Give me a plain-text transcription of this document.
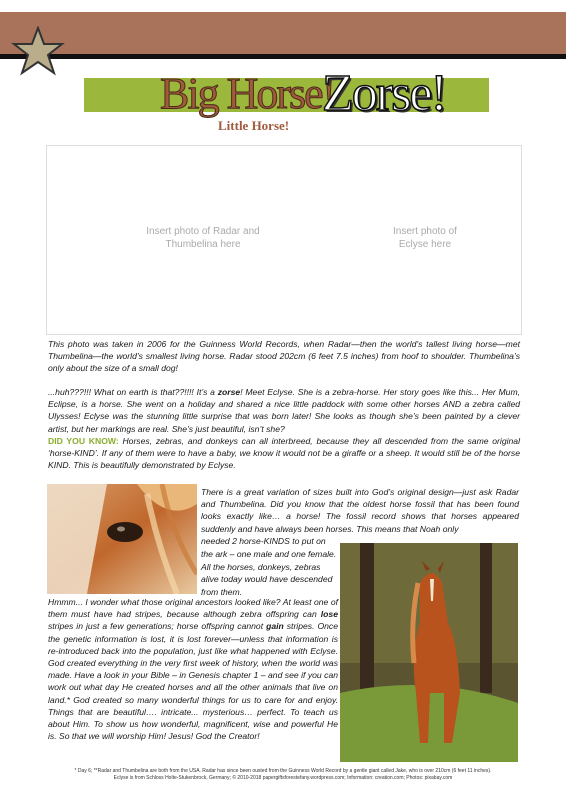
Big Horse!
Zorse!
Little Horse!
Insert photo of Radar and Thumbelina here
Insert photo of Eclyse here
This photo was taken in 2006 for the Guinness World Records, when Radar—then the world’s tallest living horse—met Thumbelina—the world’s smallest living horse. Radar stood 202cm (6 feet 7.5 inches) from hoof to shoulder. Thumbelina’s only about the size of a small dog!
...huh???!!! What on earth is that??!!!! It’s a zorse! Meet Eclyse. She is a zebra-horse. Her story goes like this... Her Mum, Eclipse, is a horse. She went on a holiday and shared a nice little paddock with some other horses AND a zebra called Ulysses! Eclyse was the stunning little surprise that was born later! She looks as though she’s been painted by a clever artist, but her markings are real. She’s just beautiful, isn’t she?
DID YOU KNOW: Horses, zebras, and donkeys can all interbreed, because they all descended from the same original ‘horse-KIND’. If any of them were to have a baby, we know it would not be a giraffe or a sheep. It would still be of the horse KIND. This is beautifully demonstrated by Eclyse.
There is a great variation of sizes built into God’s original design—just ask Radar and Thumbelina. Did you know that the oldest horse fossil that has been found looks exactly like… a horse! The fossil record shows that horses appeared suddenly and have always been horses. This means that Noah only
needed 2 horse-KINDS to put on the ark – one male and one female. All the horses, donkeys, zebras alive today would have descended from them.
Hmmm... I wonder what those original ancestors looked like? At least one of them must have had stripes, because although zebra offspring can lose stripes in just a few generations; horse offspring cannot gain stripes. Once the genetic information is lost, it is lost forever—unless that information is re-introduced back into the population, just like what happened with Eclyse. God created everything in the very first week of history, when the world was made. Have a look in your Bible – in Genesis chapter 1 – and see if you can work out what day He created horses and all the other animals that live on land.* God created so many wonderful things for us to care for and enjoy. Things that are beautiful…. intricate... mysterious… perfect. To teach us about Him. To show us how wonderful, magnificent, wise and powerful He is. So that we will worship Him! Jesus! God the Creator!
* Day 6; **Radar and Thumbelina are both from the USA. Radar has since been ousted from the Guinness World Record by a gentle giant called Jake, who is over 210cm (6 feet 11 inches).
Eclyse is from Schloss Holte-Stukenbrock, Germany; © 2010-2018 papergiftsforestefany.wordpress.com; Information: creation.com; Photos: pixabay.com
